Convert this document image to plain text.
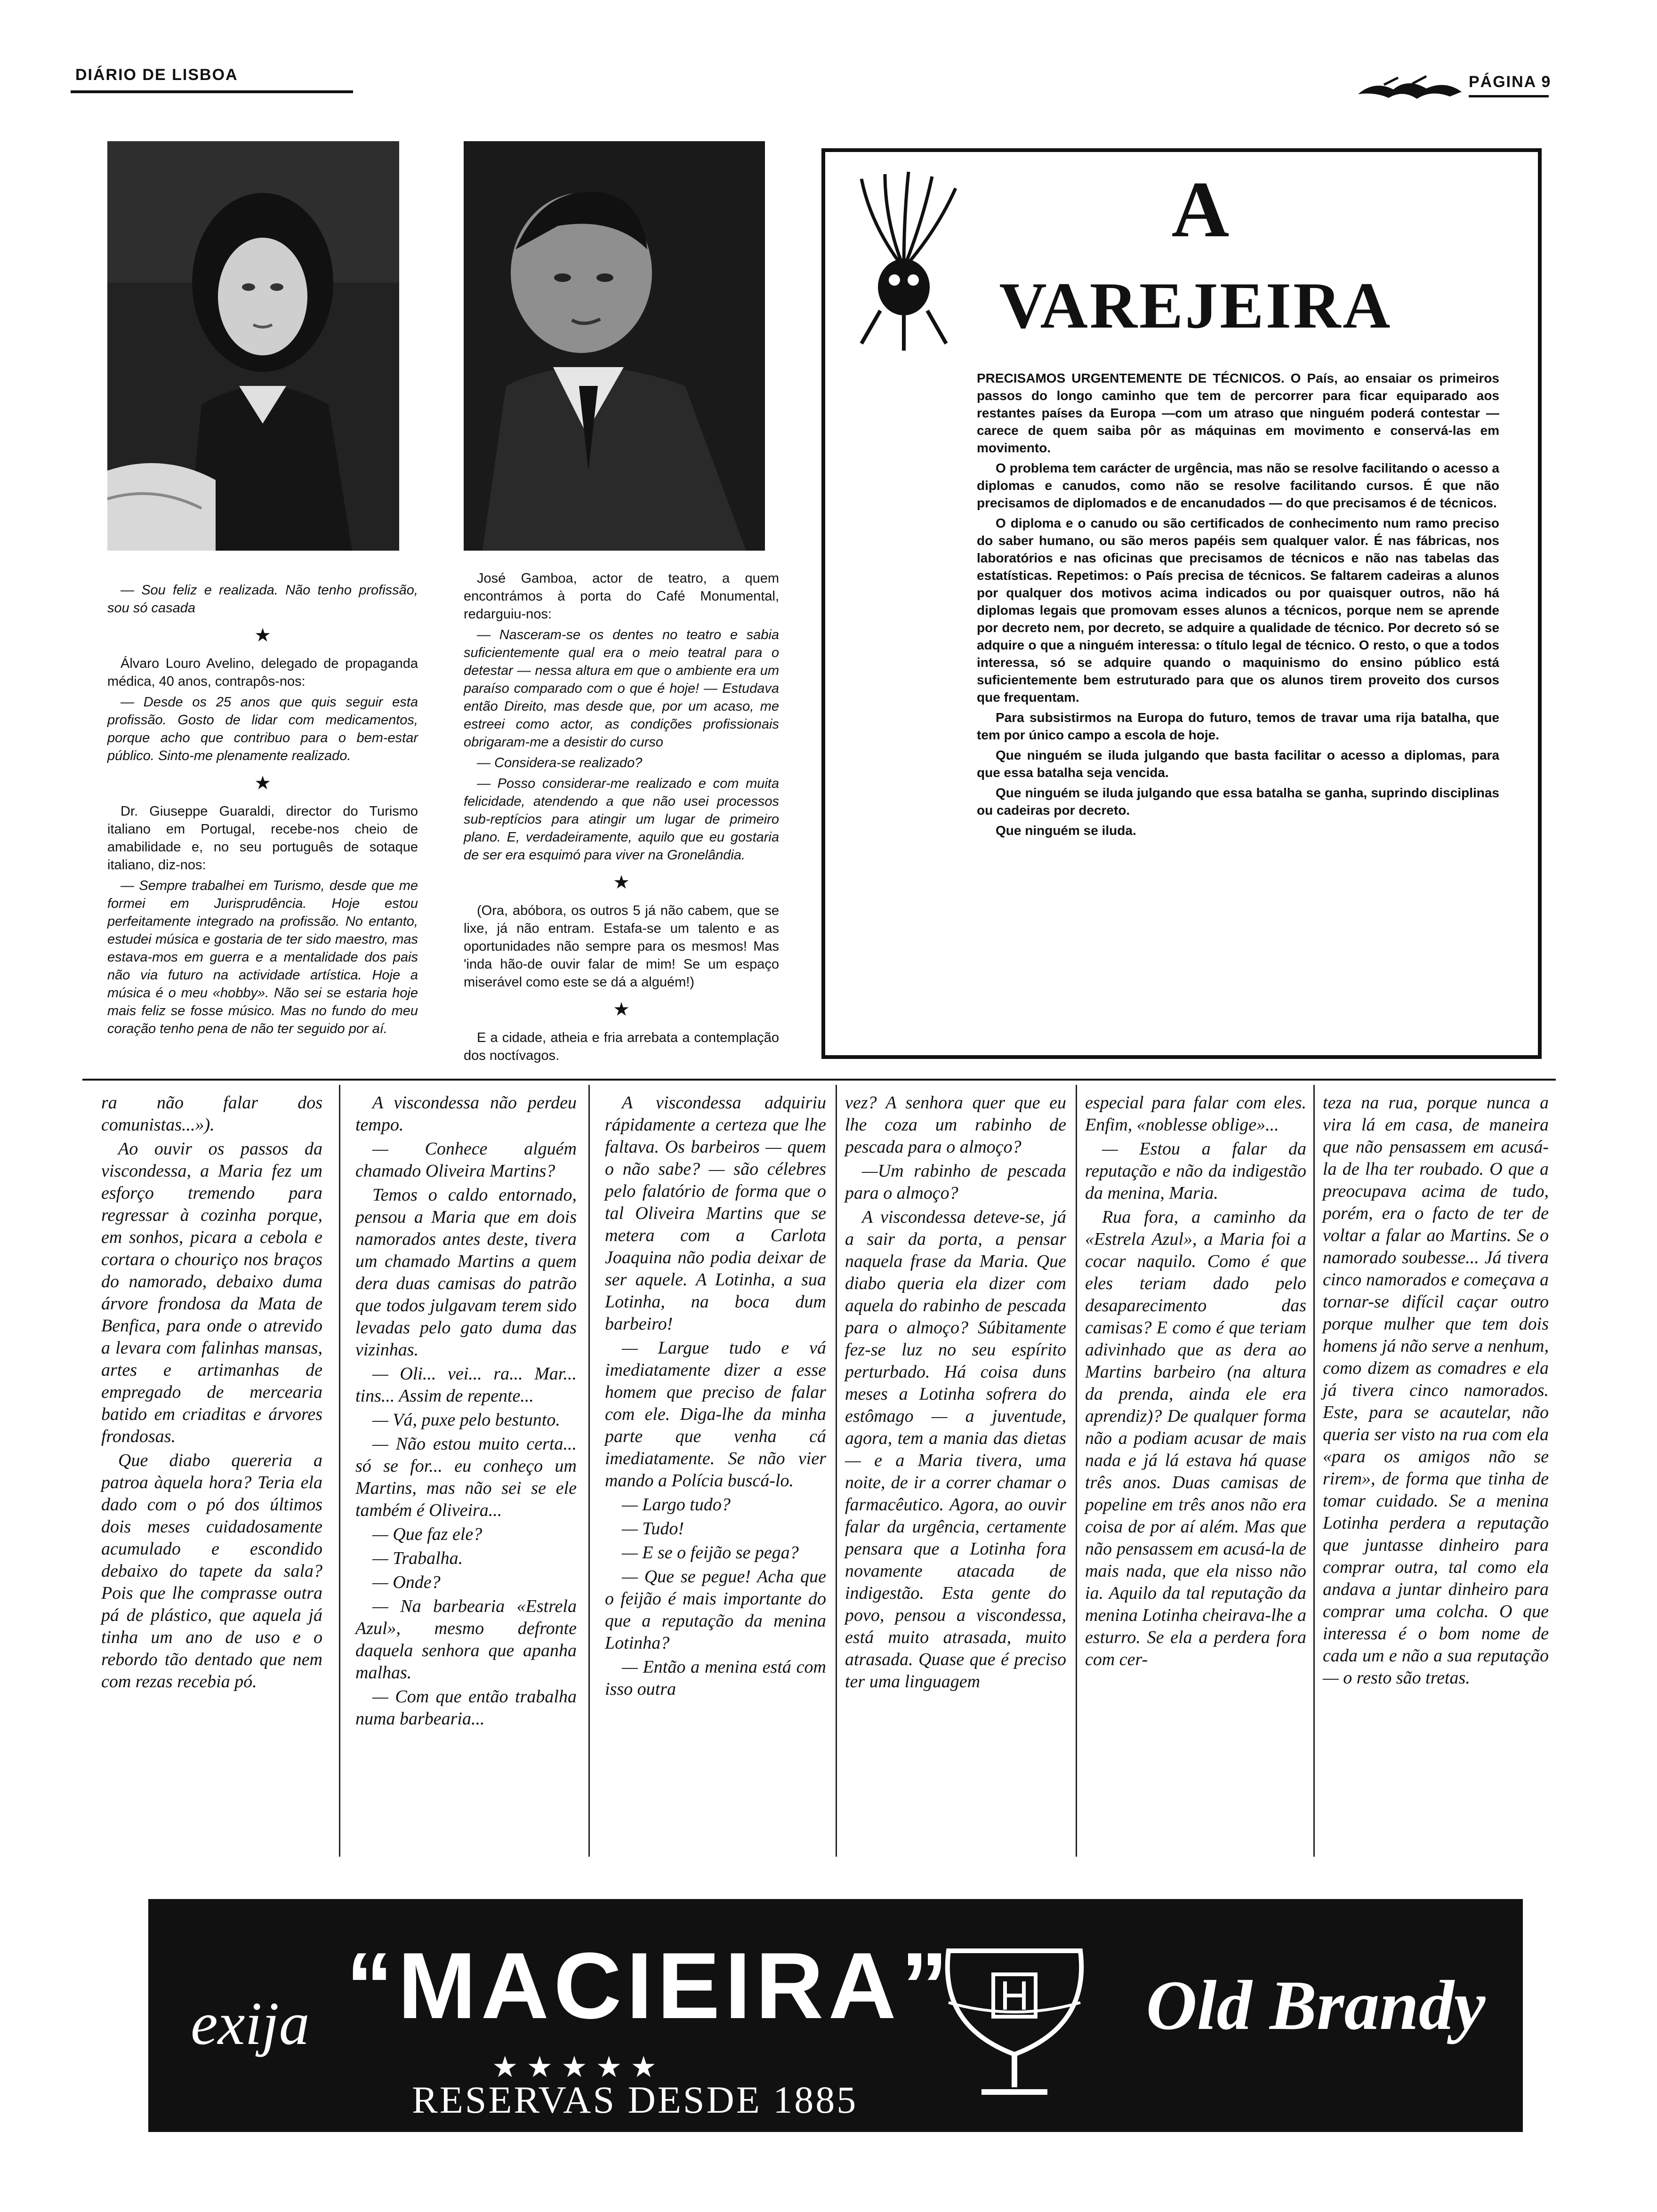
DIÁRIO DE LISBOA	PÁGINA 9

— Sou feliz e realizada. Não tenho profissão, sou só casada

★

Álvaro Louro Avelino, delegado de propaganda médica, 40 anos, contrapôs-nos:

— Desde os 25 anos que quis seguir esta profissão. Gosto de lidar com medicamentos, porque acho que contribuo para o bem-estar público. Sinto-me plenamente realizado.

★

Dr. Giuseppe Guaraldi, director do Turismo italiano em Portugal, recebe-nos cheio de amabilidade e, no seu português de sotaque italiano, diz-nos:

— Sempre trabalhei em Turismo, desde que me formei em Jurisprudência. Hoje estou perfeitamente integrado na profissão. No entanto, estudei música e gostaria de ter sido maestro, mas estava-mos em guerra e a mentalidade dos pais não via futuro na actividade artística. Hoje a música é o meu «hobby». Não sei se estaria hoje mais feliz se fosse músico. Mas no fundo do meu coração tenho pena de não ter seguido por aí.

José Gamboa, actor de teatro, a quem encontrámos à porta do Café Monumental, redarguiu-nos:

— Nasceram-se os dentes no teatro e sabia suficientemente qual era o meio teatral para o detestar — nessa altura em que o ambiente era um paraíso comparado com o que é hoje! — Estudava então Direito, mas desde que, por um acaso, me estreei como actor, as condições profissionais obrigaram-me a desistir do curso

— Considera-se realizado?

— Posso considerar-me realizado e com muita felicidade, atendendo a que não usei processos sub-reptícios para atingir um lugar de primeiro plano. E, verdadeiramente, aquilo que eu gostaria de ser era esquimó para viver na Gronelândia.

★

(Ora, abóbora, os outros 5 já não cabem, que se lixe, já não entram. Estafa-se um talento e as oportunidades não sempre para os mesmos! Mas 'inda hão-de ouvir falar de mim! Se um espaço miserável como este se dá a alguém!)

★

E a cidade, atheia e fria arrebata a contemplação dos noctívagos.

A
VAREJEIRA

PRECISAMOS URGENTEMENTE DE TÉCNICOS. O País, ao ensaiar os primeiros passos do longo caminho que tem de percorrer para ficar equiparado aos restantes países da Europa —com um atraso que ninguém poderá contestar — carece de quem saiba pôr as máquinas em movimento e conservá-las em movimento.

O problema tem carácter de urgência, mas não se resolve facilitando o acesso a diplomas e canudos, como não se resolve facilitando cursos. É que não precisamos de diplomados e de encanudados — do que precisamos é de técnicos.

O diploma e o canudo ou são certificados de conhecimento num ramo preciso do saber humano, ou são meros papéis sem qualquer valor. É nas fábricas, nos laboratórios e nas oficinas que precisamos de técnicos e não nas tabelas das estatísticas. Repetimos: o País precisa de técnicos. Se faltarem cadeiras a alunos por qualquer dos motivos acima indicados ou por quaisquer outros, não há diplomas legais que promovam esses alunos a técnicos, porque nem se aprende por decreto nem, por decreto, se adquire a qualidade de técnico. Por decreto só se adquire o que a ninguém interessa: o título legal de técnico. O resto, o que a todos interessa, só se adquire quando o maquinismo do ensino público está suficientemente bem estruturado para que os alunos tirem proveito dos cursos que frequentam.

Para subsistirmos na Europa do futuro, temos de travar uma rija batalha, que tem por único campo a escola de hoje.

Que ninguém se iluda julgando que basta facilitar o acesso a diplomas, para que essa batalha seja vencida.

Que ninguém se iluda julgando que essa batalha se ganha, suprindo disciplinas ou cadeiras por decreto.

Que ninguém se iluda.

ra não falar dos comunistas...»).

Ao ouvir os passos da viscondessa, a Maria fez um esforço tremendo para regressar à cozinha porque, em sonhos, picara a cebola e cortara o chouriço nos braços do namorado, debaixo duma árvore frondosa da Mata de Benfica, para onde o atrevido a levara com falinhas mansas, artes e artimanhas de empregado de mercearia batido em criaditas e árvores frondosas.

Que diabo quereria a patroa àquela hora? Teria ela dado com o pó dos últimos dois meses cuidadosamente acumulado e escondido debaixo do tapete da sala? Pois que lhe comprasse outra pá de plástico, que aquela já tinha um ano de uso e o rebordo tão dentado que nem com rezas recebia pó.

A viscondessa não perdeu tempo.

— Conhece alguém chamado Oliveira Martins?

Temos o caldo entornado, pensou a Maria que em dois namorados antes deste, tivera um chamado Martins a quem dera duas camisas do patrão que todos julgavam terem sido levadas pelo gato duma das vizinhas.

— Oli... vei... ra... Mar... tins... Assim de repente...

— Vá, puxe pelo bestunto.

— Não estou muito certa... só se for... eu conheço um Martins, mas não sei se ele também é Oliveira...

— Que faz ele?

— Trabalha.

— Onde?

— Na barbearia «Estrela Azul», mesmo defronte daquela senhora que apanha malhas.

— Com que então trabalha numa barbearia...

A viscondessa adquiriu rápidamente a certeza que lhe faltava. Os barbeiros — quem o não sabe? — são célebres pelo falatório de forma que o tal Oliveira Martins que se meterа com a Carlota Joaquina não podia deixar de ser aquele. A Lotinha, a sua Lotinha, na boca dum barbeiro!

— Largue tudo e vá imediatamente dizer a esse homem que preciso de falar com ele. Diga-lhe da minha parte que venha cá imediatamente. Se não vier mando a Polícia buscá-lo.

— Largo tudo?

— Tudo!

— E se o feijão se pega?

— Que se pegue! Acha que o feijão é mais importante do que a reputação da menina Lotinha?

— Então a menina está com isso outra

vez? A senhora quer que eu lhe coza um rabinho de pescada para o almoço?

—Um rabinho de pescada para o almoço?

A viscondessa deteve-se, já a sair da porta, a pensar naquela frase da Maria. Que diabo queria ela dizer com aquela do rabinho de pescada para o almoço? Súbitamente fez-se luz no seu espírito perturbado. Há coisa duns meses a Lotinha sofrera do estômago — a juventude, agora, tem a mania das dietas — e a Maria tivera, uma noite, de ir a correr chamar o farmacêutico. Agora, ao ouvir falar da urgência, certamente pensara que a Lotinha fora novamente atacada de indigestão. Esta gente do povo, pensou a viscondessa, está muito atrasada, muito atrasada. Quase que é preciso ter uma linguagem

especial para falar com eles. Enfim, «noblesse oblige»...

— Estou a falar da reputação e não da indigestão da menina, Maria.

Rua fora, a caminho da «Estrela Azul», a Maria foi a cocar naquilo. Como é que eles teriam dado pelo desaparecimento das camisas? E como é que teriam adivinhado que as dera ao Martins barbeiro (na altura da prenda, ainda ele era aprendiz)? De qualquer forma não a podiam acusar de mais nada e já lá estava há quase três anos. Duas camisas de popeline em três anos não era coisa de por aí além. Mas que não pensassem em acusá-la de mais nada, que ela nisso não ia. Aquilo da tal reputação da menina Lotinha cheirava-lhe a esturro. Se ela a perdera fora com cer-

teza na rua, porque nunca a vira lá em casa, de maneira que não pensassem em acusá-la de lha ter roubado. O que a preocupava acima de tudo, porém, era o facto de ter de voltar a falar ao Martins. Se o namorado soubesse... Já tivera cinco namorados e começava a tornar-se difícil caçar outro porque mulher que tem dois homens já não serve a nenhum, como dizem as comadres e ela já tivera cinco namorados. Este, para se acautelar, não queria ser visto na rua com ela «para os amigos não se rirem», de forma que tinha de tomar cuidado. Se a menina Lotinha perdera a reputação que juntasse dinheiro para comprar outra, tal como ela andava a juntar dinheiro para comprar uma colcha. O que interessa é o bom nome de cada um e não a sua reputação — o resto são tretas.

exija “MACIEIRA”
★★★★★
RESERVAS DESDE 1885
Old Brandy
